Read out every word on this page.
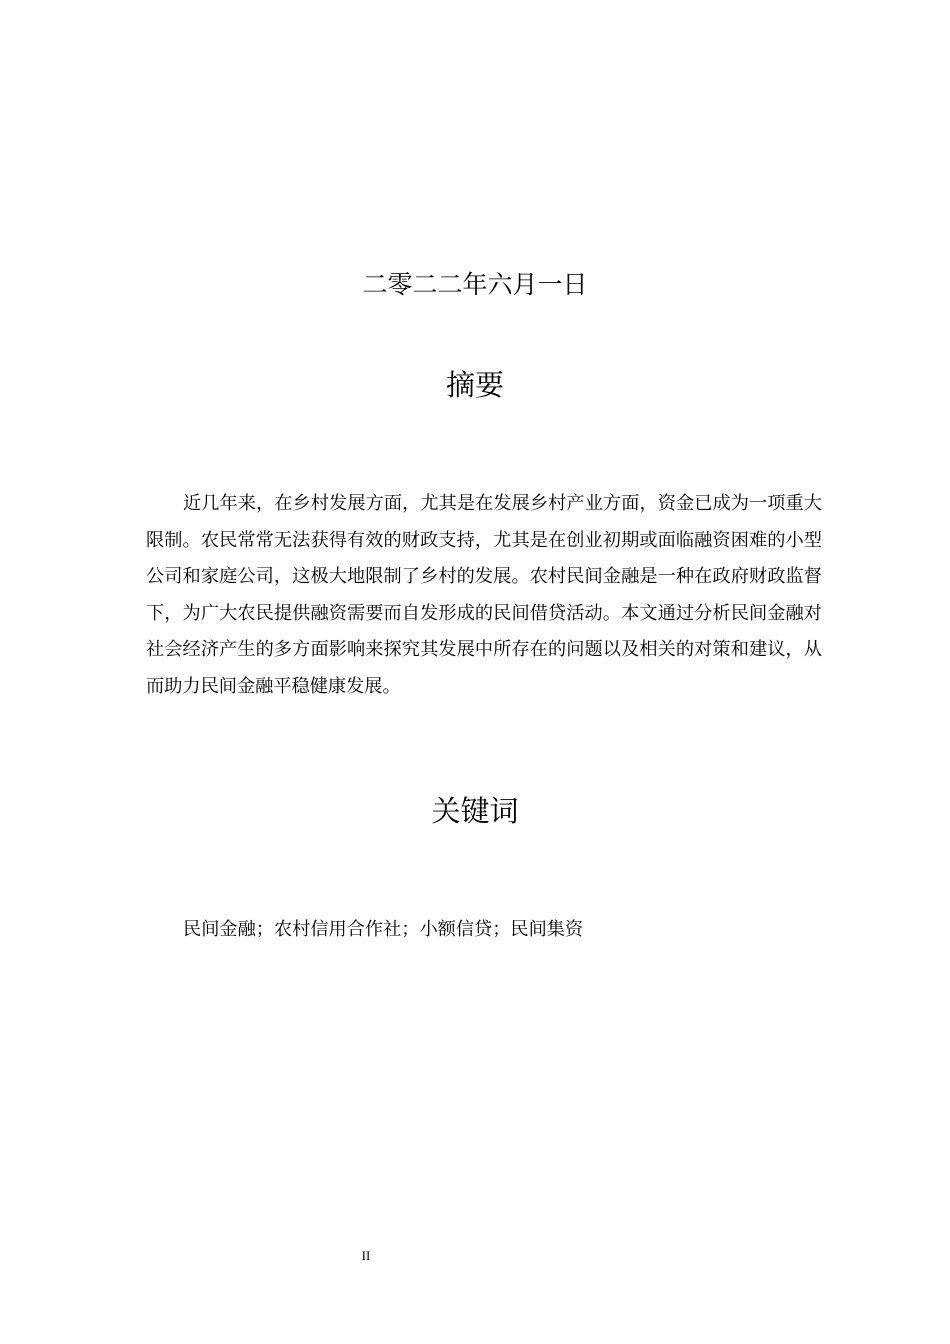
二零二二年六月一日
摘要

近几年来，在乡村发展方面，尤其是在发展乡村产业方面，资金已成为一项重大限制。农民常常无法获得有效的财政支持，尤其是在创业初期或面临融资困难的小型公司和家庭公司，这极大地限制了乡村的发展。农村民间金融是一种在政府财政监督下，为广大农民提供融资需要而自发形成的民间借贷活动。本文通过分析民间金融对社会经济产生的多方面影响来探究其发展中所存在的问题以及相关的对策和建议，从而助力民间金融平稳健康发展。

关键词

民间金融；农村信用合作社；小额信贷；民间集资

II
